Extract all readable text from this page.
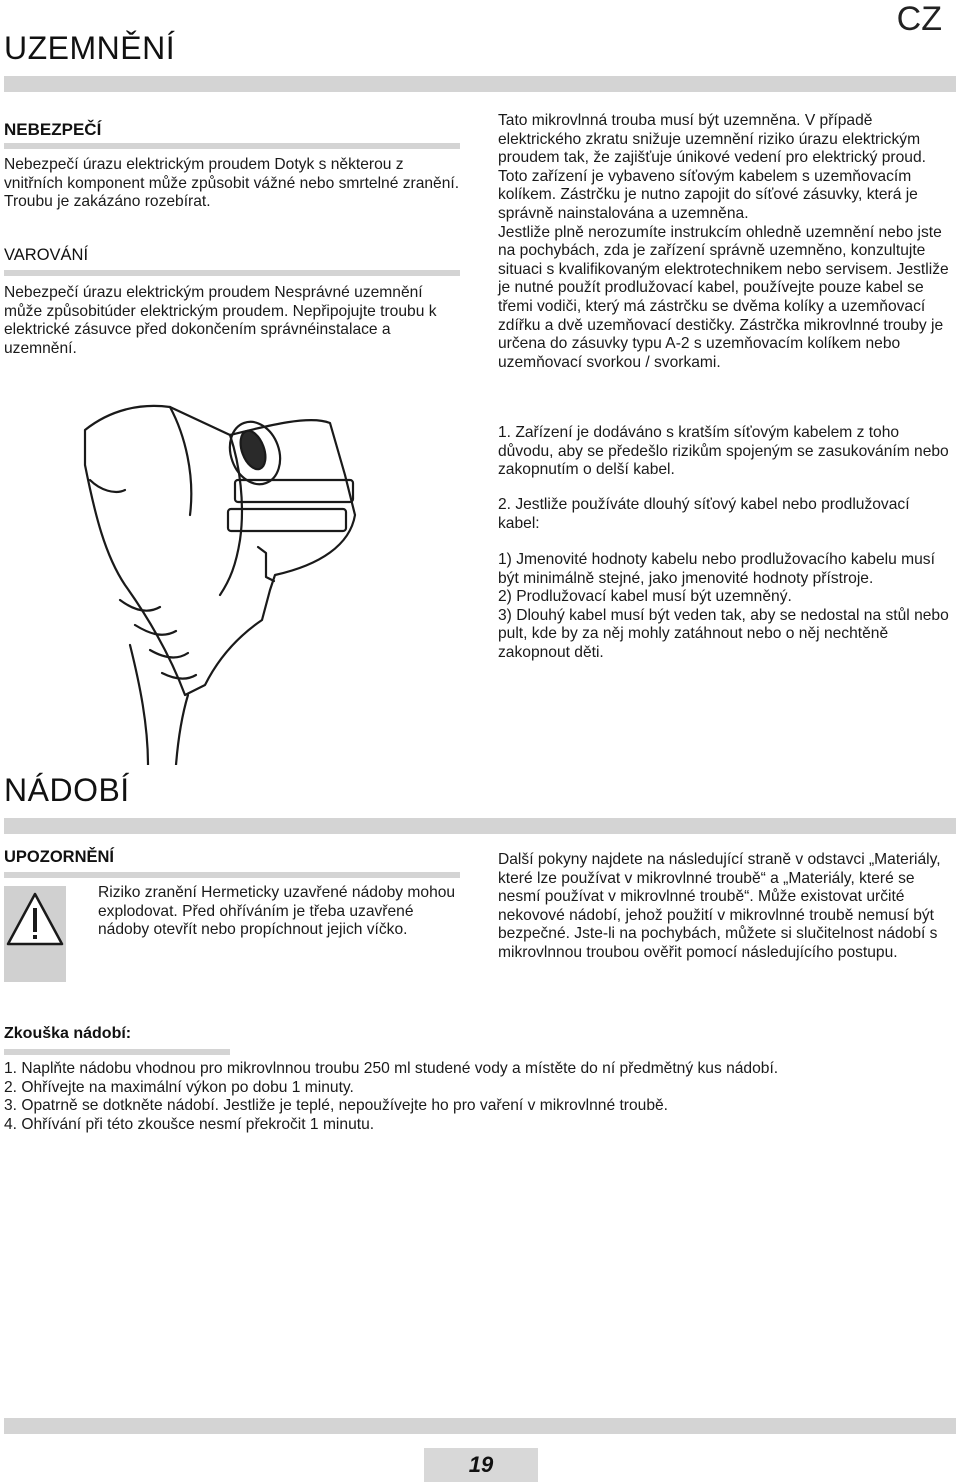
CZ
UZEMNĚNÍ
NEBEZPEČÍ
Nebezpečí úrazu elektrickým proudem Dotyk s některou z vnitřních komponent může způsobit vážné nebo smrtelné zranění. Troubu je zakázáno rozebírat.
VAROVÁNÍ
Nebezpečí úrazu elektrickým proudem Nesprávné uzemnění může způsobitúder elektrickým proudem. Nepřipojujte troubu k elektrické zásuvce před dokončením správnéinstalace a uzemnění.

Tato mikrovlnná trouba musí být uzemněna. V případě elektrického zkratu snižuje uzemnění riziko úrazu elektrickým proudem tak, že zajišťuje únikové vedení pro elektrický proud. Toto zařízení je vybaveno síťovým kabelem s uzemňovacím kolíkem. Zástrčku je nutno zapojit do síťové zásuvky, která je správně nainstalována a uzemněna.

Jestliže plně nerozumíte instrukcím ohledně uzemnění nebo jste na pochybách, zda je zařízení správně uzemněno, konzultujte situaci s kvalifikovaným elektrotechnikem nebo servisem. Jestliže je nutné použít prodlužovací kabel, používejte pouze kabel se třemi vodiči, který má zástrčku se dvěma kolíky a uzemňovací zdířku a dvě uzemňovací destičky. Zástrčka mikrovlnné trouby je určena do zásuvky typu A-2 s uzemňovacím kolíkem nebo uzemňovací svorkou / svorkami.

1. Zařízení je dodáváno s kratším síťovým kabelem z toho důvodu, aby se předešlo rizikům spojeným se zasukováním nebo zakopnutím o delší kabel.
2. Jestliže používáte dlouhý síťový kabel nebo prodlužovací kabel:

1) Jmenovité hodnoty kabelu nebo prodlužovacího kabelu musí být minimálně stejné, jako jmenovité hodnoty přístroje.

2) Prodlužovací kabel musí být uzemněný.

3) Dlouhý kabel musí být veden tak, aby se nedostal na stůl nebo pult, kde by za něj mohly zatáhnout nebo o něj nechtěně zakopnout děti.

NÁDOBÍ
UPOZORNĚNÍ
Riziko zranění Hermeticky uzavřené nádoby mohou explodovat. Před ohříváním je třeba uzavřené nádoby otevřít nebo propíchnout jejich víčko.
Další pokyny najdete na následující straně v odstavci „Materiály, které lze používat v mikrovlnné troubě“ a „Materiály, které se nesmí používat v mikrovlnné troubě“. Může existovat určité nekovové nádobí, jehož použití v mikrovlnné troubě nemusí být bezpečné. Jste-li na pochybách, můžete si slučitelnost nádobí s mikrovlnnou troubou ověřit pomocí následujícího postupu.
Zkouška nádobí:
1. Naplňte nádobu vhodnou pro mikrovlnnou troubu 250 ml studené vody a místěte do ní předmětný kus nádobí.
2. Ohřívejte na maximální výkon po dobu 1 minuty.
3. Opatrně se dotkněte nádobí. Jestliže je teplé, nepoužívejte ho pro vaření v mikrovlnné troubě.
4. Ohřívání při této zkoušce nesmí překročit 1 minutu.
19
